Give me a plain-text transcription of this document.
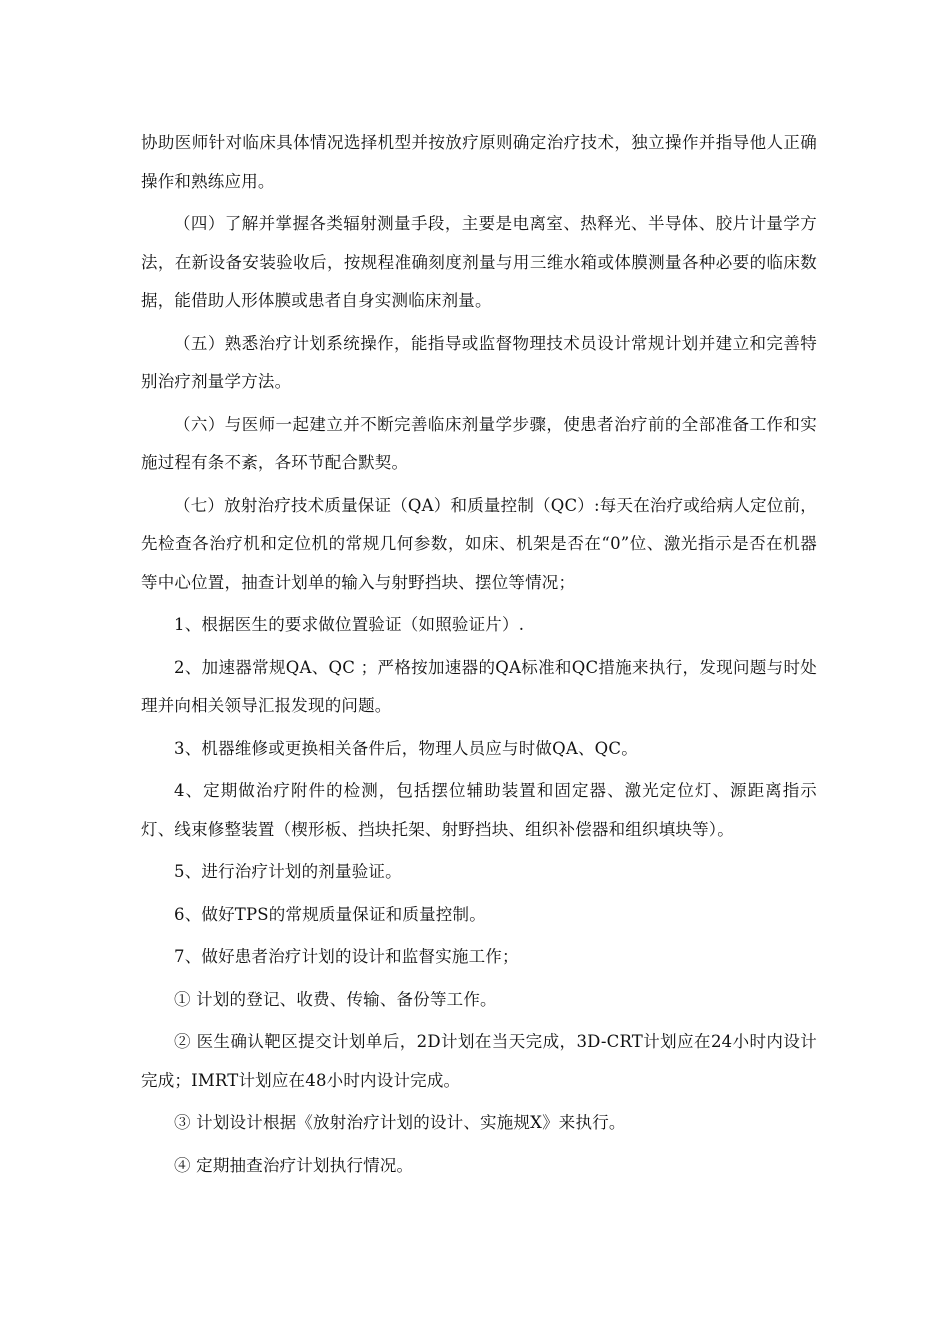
协助医师针对临床具体情况选择机型并按放疗原则确定治疗技术，独立操作并指导他人正确操作和熟练应用。

（四）了解并掌握各类辐射测量手段，主要是电离室、热释光、半导体、胶片计量学方法，在新设备安装验收后，按规程准确刻度剂量与用三维水箱或体膜测量各种必要的临床数据，能借助人形体膜或患者自身实测临床剂量。

（五）熟悉治疗计划系统操作，能指导或监督物理技术员设计常规计划并建立和完善特别治疗剂量学方法。

（六）与医师一起建立并不断完善临床剂量学步骤，使患者治疗前的全部准备工作和实施过程有条不紊，各环节配合默契。

（七）放射治疗技术质量保证（QA）和质量控制（QC）:每天在治疗或给病人定位前，先检查各治疗机和定位机的常规几何参数，如床、机架是否在“0”位、激光指示是否在机器等中心位置，抽查计划单的输入与射野挡块、摆位等情况；

1、根据医生的要求做位置验证（如照验证片）.

2、加速器常规QA、QC ；严格按加速器的QA标准和QC措施来执行，发现问题与时处理并向相关领导汇报发现的问题。

3、机器维修或更换相关备件后，物理人员应与时做QA、QC。

4、定期做治疗附件的检测，包括摆位辅助装置和固定器、激光定位灯、源距离指示灯、线束修整装置（楔形板、挡块托架、射野挡块、组织补偿器和组织填块等）。

5、进行治疗计划的剂量验证。

6、做好TPS的常规质量保证和质量控制。

7、做好患者治疗计划的设计和监督实施工作；

① 计划的登记、收费、传输、备份等工作。

② 医生确认靶区提交计划单后，2D计划在当天完成，3D-CRT计划应在24小时内设计完成；IMRT计划应在48小时内设计完成。

③ 计划设计根据《放射治疗计划的设计、实施规X》来执行。

④ 定期抽查治疗计划执行情况。
